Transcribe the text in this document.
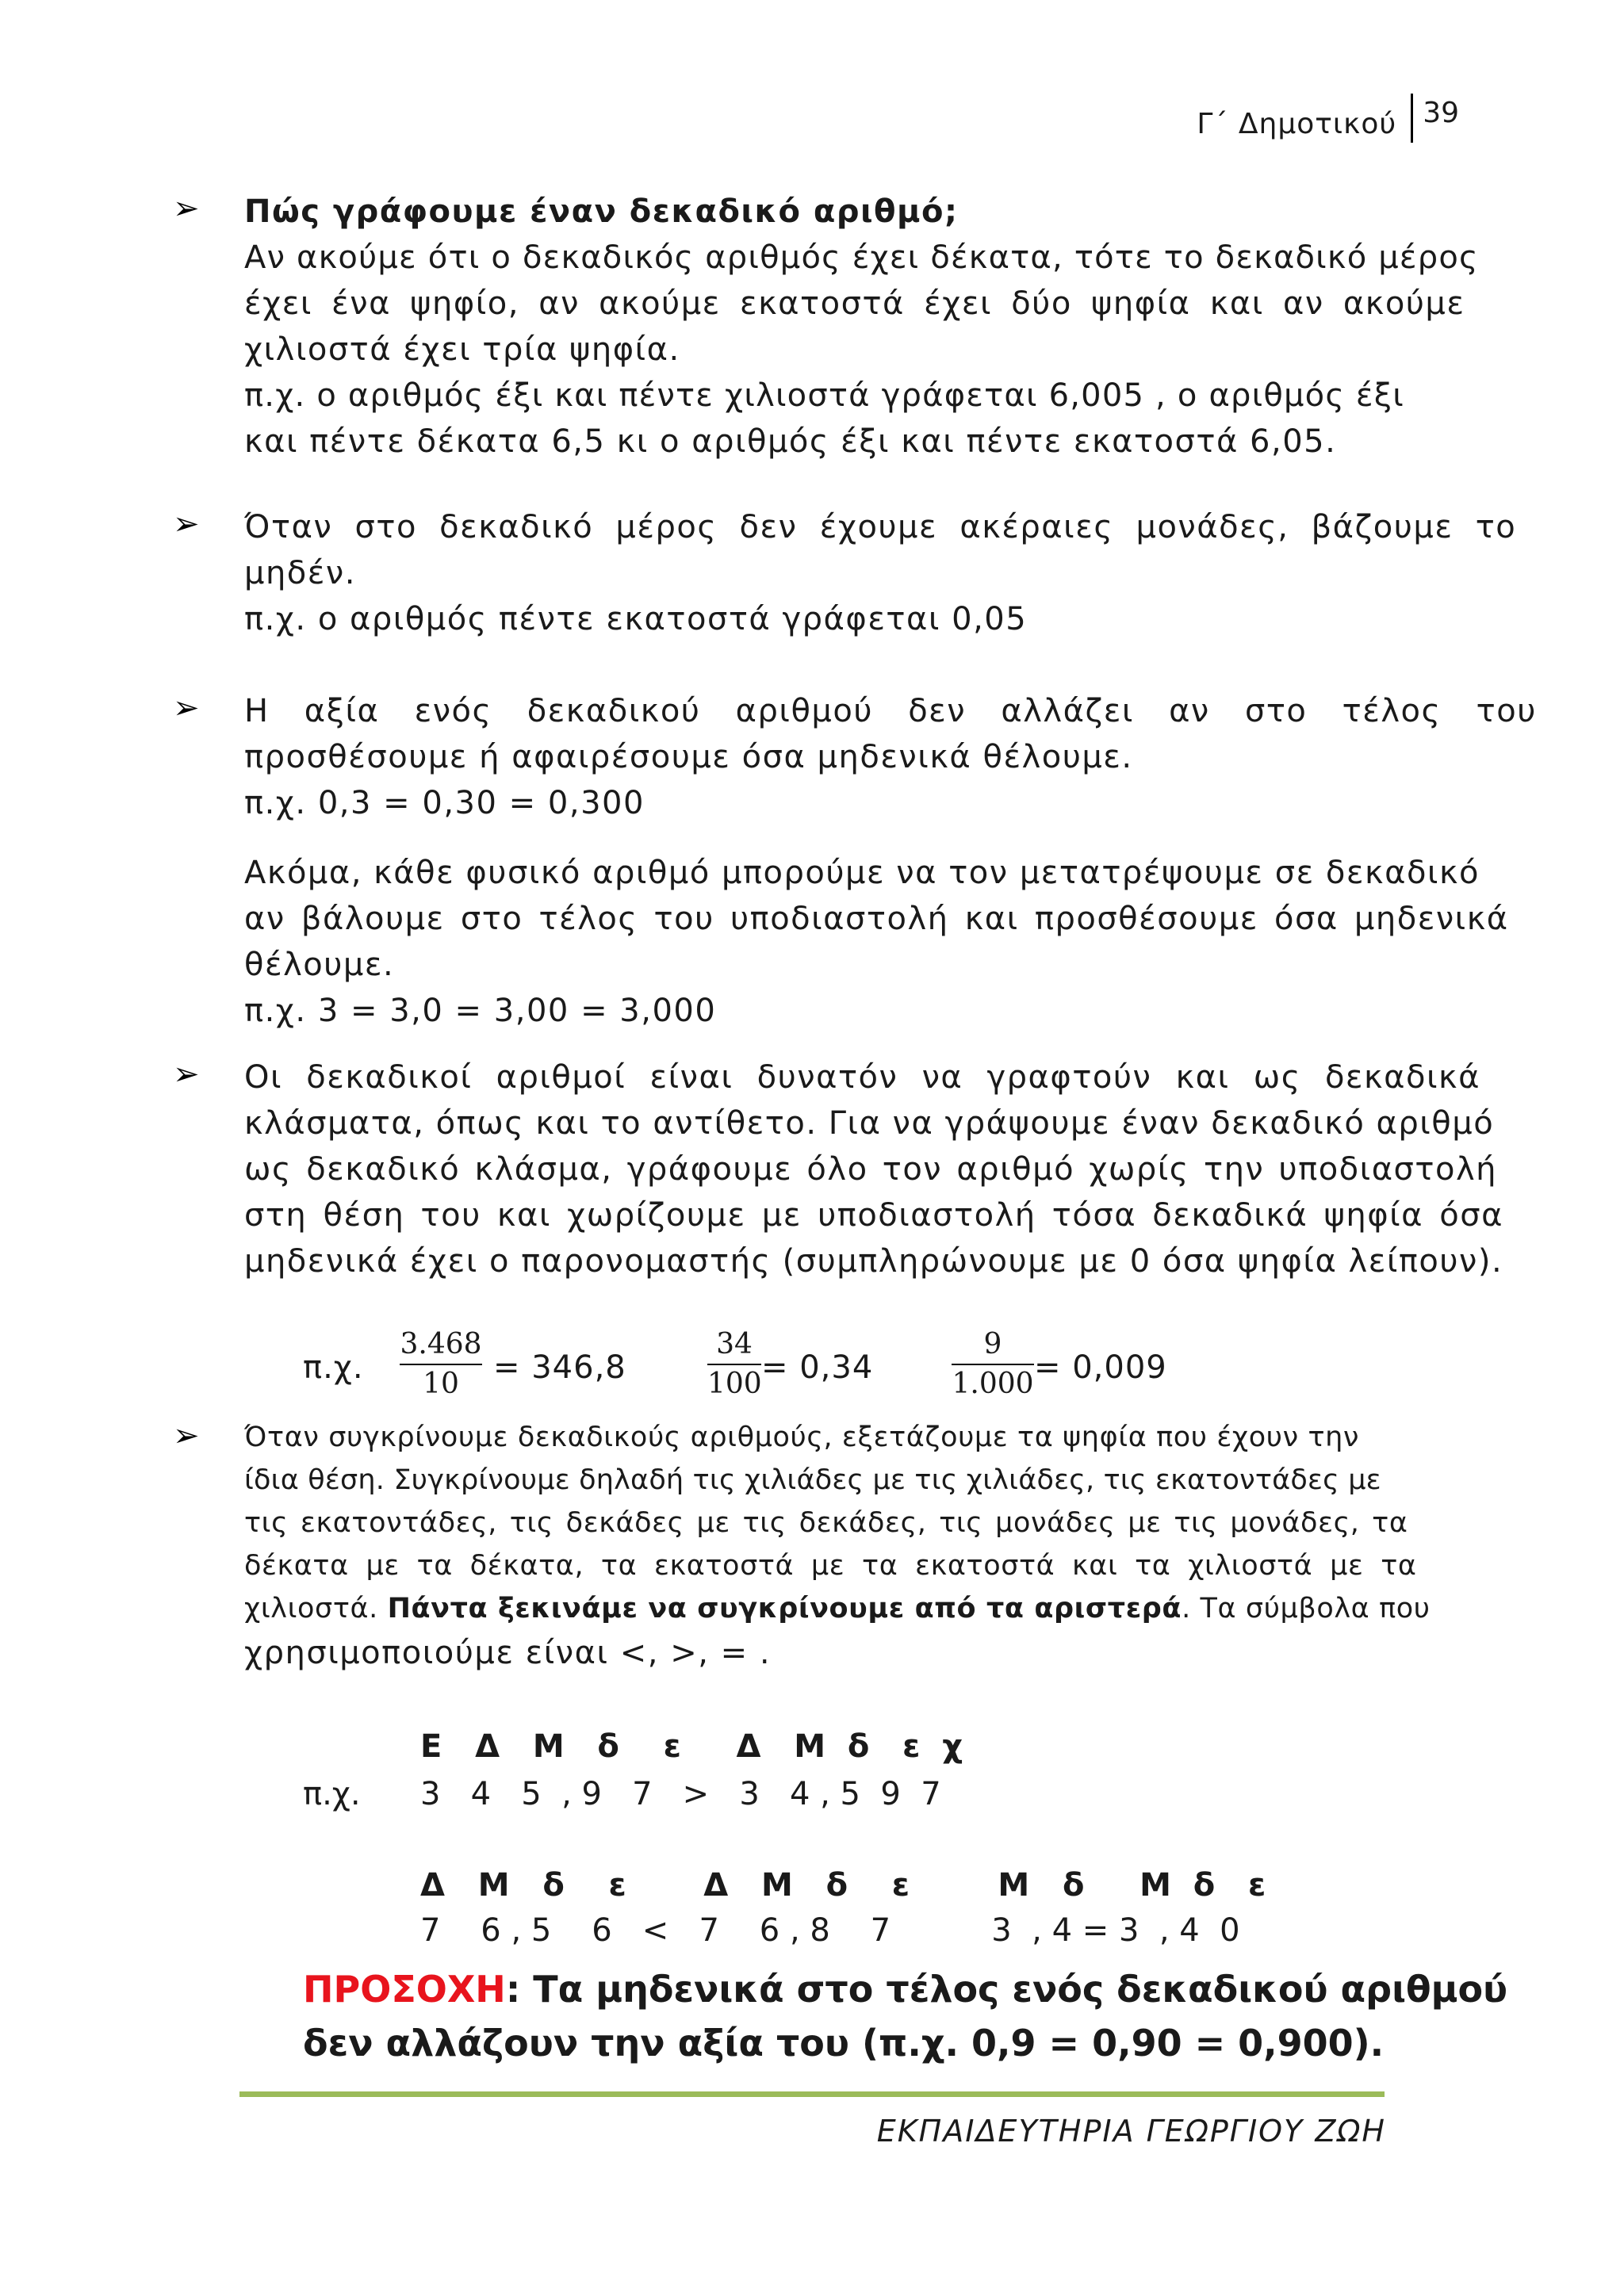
Γ΄ Δημοτικού 39
➢ Πώς γράφουμε έναν δεκαδικό αριθμό;
Αν ακούμε ότι ο δεκαδικός αριθμός έχει δέκατα, τότε το δεκαδικό μέρος
έχει ένα ψηφίο, αν ακούμε εκατοστά έχει δύο ψηφία και αν ακούμε
χιλιοστά έχει τρία ψηφία.
π.χ. ο αριθμός έξι και πέντε χιλιοστά γράφεται 6,005 , ο αριθμός έξι
και πέντε δέκατα 6,5 κι ο αριθμός έξι και πέντε εκατοστά 6,05.
➢ Όταν στο δεκαδικό μέρος δεν έχουμε ακέραιες μονάδες, βάζουμε το
μηδέν.
π.χ. ο αριθμός πέντε εκατοστά γράφεται 0,05
➢ Η αξία ενός δεκαδικού αριθμού δεν αλλάζει αν στο τέλος του
προσθέσουμε ή αφαιρέσουμε όσα μηδενικά θέλουμε.
π.χ. 0,3 = 0,30 = 0,300
Ακόμα, κάθε φυσικό αριθμό μπορούμε να τον μετατρέψουμε σε δεκαδικό
αν βάλουμε στο τέλος του υποδιαστολή και προσθέσουμε όσα μηδενικά
θέλουμε.
π.χ. 3 = 3,0 = 3,00 = 3,000
➢ Οι δεκαδικοί αριθμοί είναι δυνατόν να γραφτούν και ως δεκαδικά
κλάσματα, όπως και το αντίθετο. Για να γράψουμε έναν δεκαδικό αριθμό
ως δεκαδικό κλάσμα, γράφουμε όλο τον αριθμό χωρίς την υποδιαστολή
στη θέση του και χωρίζουμε με υποδιαστολή τόσα δεκαδικά ψηφία όσα
μηδενικά έχει ο παρονομαστής (συμπληρώνουμε με 0 όσα ψηφία λείπουν).
π.χ.
3.468
10	= 346,8
34
100 = 0,34
9
1.000 = 0,009
➢ Όταν συγκρίνουμε δεκαδικούς αριθμούς, εξετάζουμε τα ψηφία που έχουν την
ίδια θέση. Συγκρίνουμε δηλαδή τις χιλιάδες με τις χιλιάδες, τις εκατοντάδες με
τις εκατοντάδες, τις δεκάδες με τις δεκάδες, τις μονάδες με τις μονάδες, τα
δέκατα με τα δέκατα, τα εκατοστά με τα εκατοστά και τα χιλιοστά με τα
χιλιοστά. Πάντα ξεκινάμε να συγκρίνουμε από τα αριστερά. Τα σύμβολα που
χρησιμοποιούμε είναι <, >, = .
π.χ.
Ε   Δ   Μ   δ    ε     Δ   Μ  δ   ε  χ
3   4   5  , 9   7   >   3   4 , 5  9  7
Δ   Μ   δ    ε       Δ   Μ   δ    ε        Μ   δ     Μ  δ   ε
7    6 , 5    6   <   7    6 , 8    7          3  , 4 = 3  , 4  0
ΠΡΟΣΟΧΗ: Τα μηδενικά στο τέλος ενός δεκαδικού αριθμού
δεν αλλάζουν την αξία του (π.χ. 0,9 = 0,90 = 0,900).
ΕΚΠΑΙΔΕΥΤΗΡΙΑ ΓΕΩΡΓΙΟΥ ΖΩΗ
